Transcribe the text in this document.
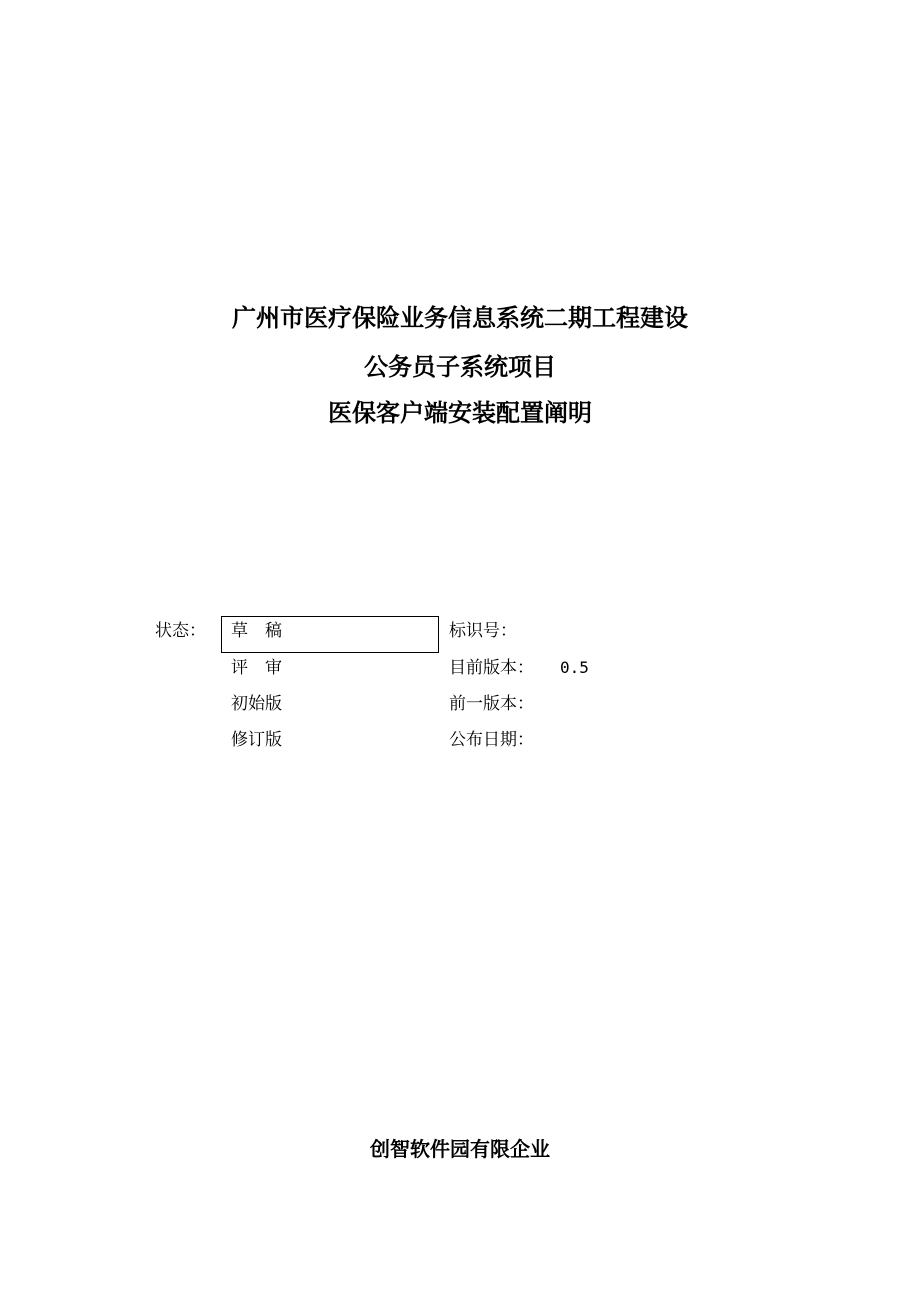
广州市医疗保险业务信息系统二期工程建设
公务员子系统项目
医保客户端安装配置阐明
状态： 草　稿
评　审
初始版
修订版
标识号：
目前版本： 0.5
前一版本：
公布日期：
创智软件园有限企业
